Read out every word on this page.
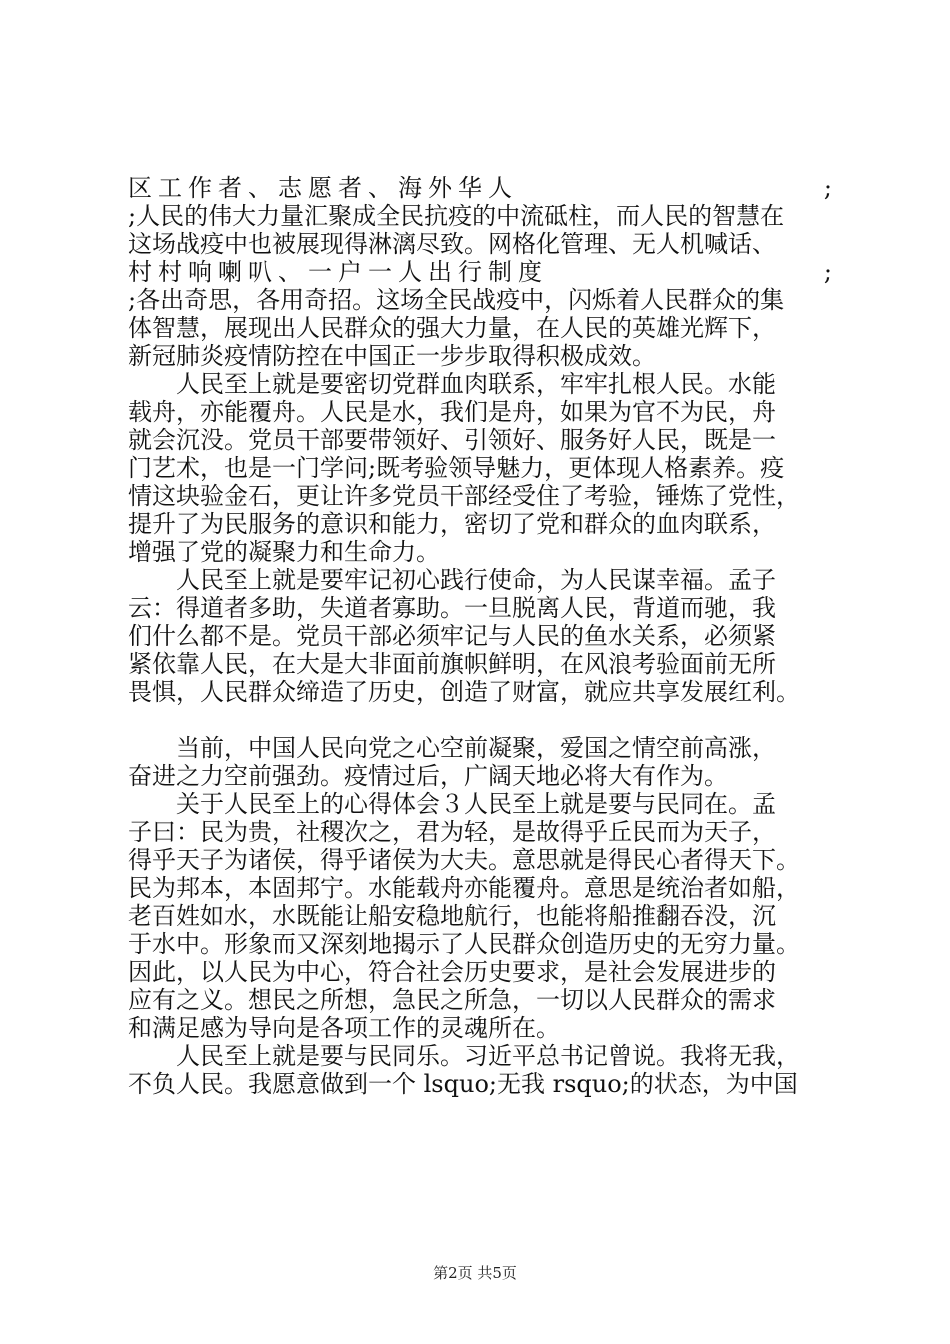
区工作者、志愿者、海外华人	;
;人民的伟大力量汇聚成全民抗疫的中流砥柱，而人民的智慧在
这场战疫中也被展现得淋漓尽致。网格化管理、无人机喊话、
村村响喇叭、一户一人出行制度	;
;各出奇思，各用奇招。这场全民战疫中，闪烁着人民群众的集
体智慧，展现出人民群众的强大力量，在人民的英雄光辉下，
新冠肺炎疫情防控在中国正一步步取得积极成效。
　　人民至上就是要密切党群血肉联系，牢牢扎根人民。水能
载舟，亦能覆舟。人民是水，我们是舟，如果为官不为民，舟
就会沉没。党员干部要带领好、引领好、服务好人民，既是一
门艺术，也是一门学问;既考验领导魅力，更体现人格素养。疫
情这块验金石，更让许多党员干部经受住了考验，锤炼了党性，
提升了为民服务的意识和能力，密切了党和群众的血肉联系，
增强了党的凝聚力和生命力。
　　人民至上就是要牢记初心践行使命，为人民谋幸福。孟子
云：得道者多助，失道者寡助。一旦脱离人民，背道而驰，我
们什么都不是。党员干部必须牢记与人民的鱼水关系，必须紧
紧依靠人民，在大是大非面前旗帜鲜明，在风浪考验面前无所
畏惧，人民群众缔造了历史，创造了财富，就应共享发展红利。
　　当前，中国人民向党之心空前凝聚，爱国之情空前高涨，
奋进之力空前强劲。疫情过后，广阔天地必将大有作为。
　　关于人民至上的心得体会３人民至上就是要与民同在。孟
子曰：民为贵，社稷次之，君为轻，是故得乎丘民而为天子，
得乎天子为诸侯，得乎诸侯为大夫。意思就是得民心者得天下。
民为邦本，本固邦宁。水能载舟亦能覆舟。意思是统治者如船，
老百姓如水，水既能让船安稳地航行，也能将船推翻吞没，沉
于水中。形象而又深刻地揭示了人民群众创造历史的无穷力量。
因此，以人民为中心，符合社会历史要求，是社会发展进步的
应有之义。想民之所想，急民之所急，一切以人民群众的需求
和满足感为导向是各项工作的灵魂所在。
　　人民至上就是要与民同乐。习近平总书记曾说。我将无我，
不负人民。我愿意做到一个 lsquo;无我 rsquo;的状态，为中国
第2页 共5页
